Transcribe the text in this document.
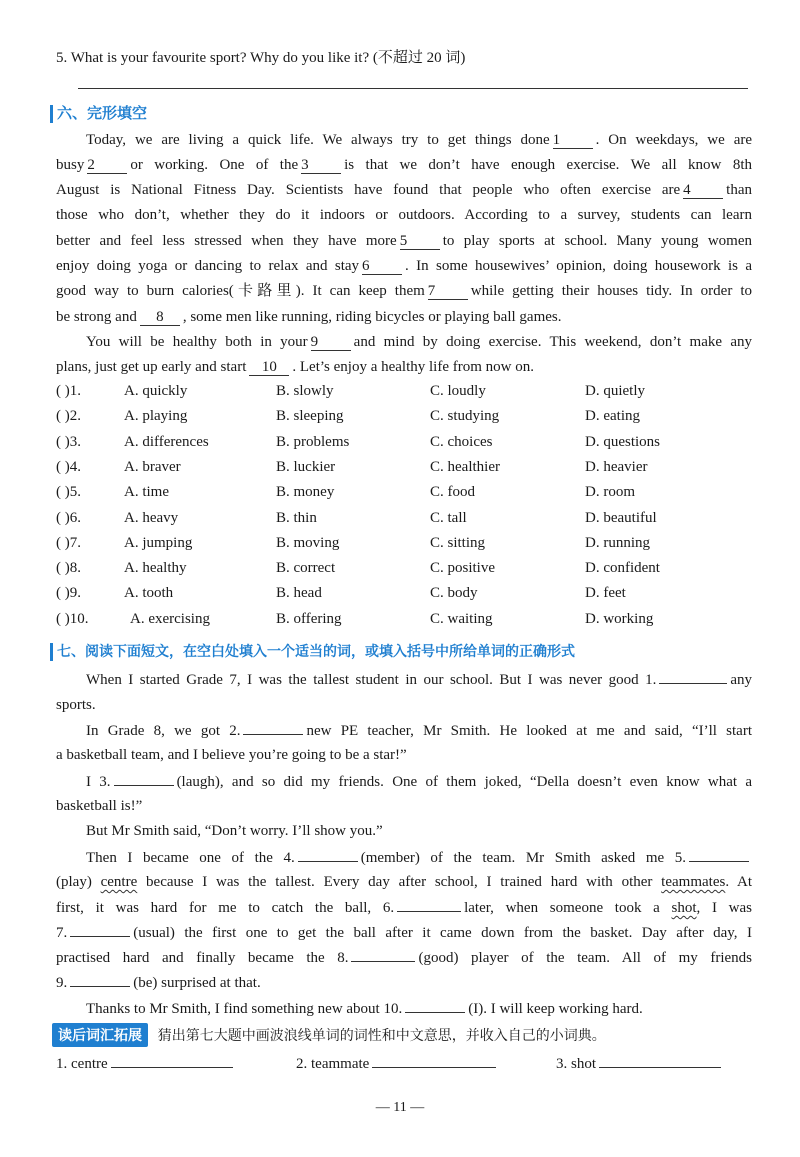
5. What is your favourite sport? Why do you like it? (不超过 20 词)
六、完形填空
Today, we are living a quick life. We always try to get things done 1 . On weekdays, we are
busy 2 or working. One of the 3 is that we don’t have enough exercise. We all know 8th
August is National Fitness Day. Scientists have found that people who often exercise are 4 than
those who don’t, whether they do it indoors or outdoors. According to a survey, students can learn
better and feel less stressed when they have more 5 to play sports at school. Many young women
enjoy doing yoga or dancing to relax and stay 6 . In some housewives’ opinion, doing housework is a
good way to burn calories(卡路里). It can keep them 7 while getting their houses tidy. In order to
be strong and 8 , some men like running, riding bicycles or playing ball games.
You will be healthy both in your 9 and mind by doing exercise. This weekend, don’t make any
plans, just get up early and start 10 . Let’s enjoy a healthy life from now on.
( )1.	A. quickly	B. slowly	C. loudly	D. quietly
( )2.	A. playing	B. sleeping	C. studying	D. eating
( )3.	A. differences	B. problems	C. choices	D. questions
( )4.	A. braver	B. luckier	C. healthier	D. heavier
( )5.	A. time	B. money	C. food	D. room
( )6.	A. heavy	B. thin	C. tall	D. beautiful
( )7.	A. jumping	B. moving	C. sitting	D. running
( )8.	A. healthy	B. correct	C. positive	D. confident
( )9.	A. tooth	B. head	C. body	D. feet
( )10.	A. exercising	B. offering	C. waiting	D. working
七、阅读下面短文，在空白处填入一个适当的词，或填入括号中所给单词的正确形式
When I started Grade 7, I was the tallest student in our school. But I was never good 1.	any
sports.
In Grade 8, we got 2.	new PE teacher, Mr Smith. He looked at me and said, “I’ll start
a basketball team, and I believe you’re going to be a star!”
I 3.	(laugh), and so did my friends. One of them joked, “Della doesn’t even know what a
basketball is!”
But Mr Smith said, “Don’t worry. I’ll show you.”
Then I became one of the 4.	(member) of the team. Mr Smith asked me 5.
(play) centre because I was the tallest. Every day after school, I trained hard with other teammates. At
first, it was hard for me to catch the ball, 6.	later, when someone took a shot, I was
7.	(usual) the first one to get the ball after it came down from the basket. Day after day, I
practised hard and finally became the 8.	(good) player of the team. All of my friends
9.	(be) surprised at that.
Thanks to Mr Smith, I find something new about 10.	(I). I will keep working hard.
读后词汇拓展 猜出第七大题中画波浪线单词的词性和中文意思，并收入自己的小词典。
1. centre	2. teammate	3. shot
— 11 —
